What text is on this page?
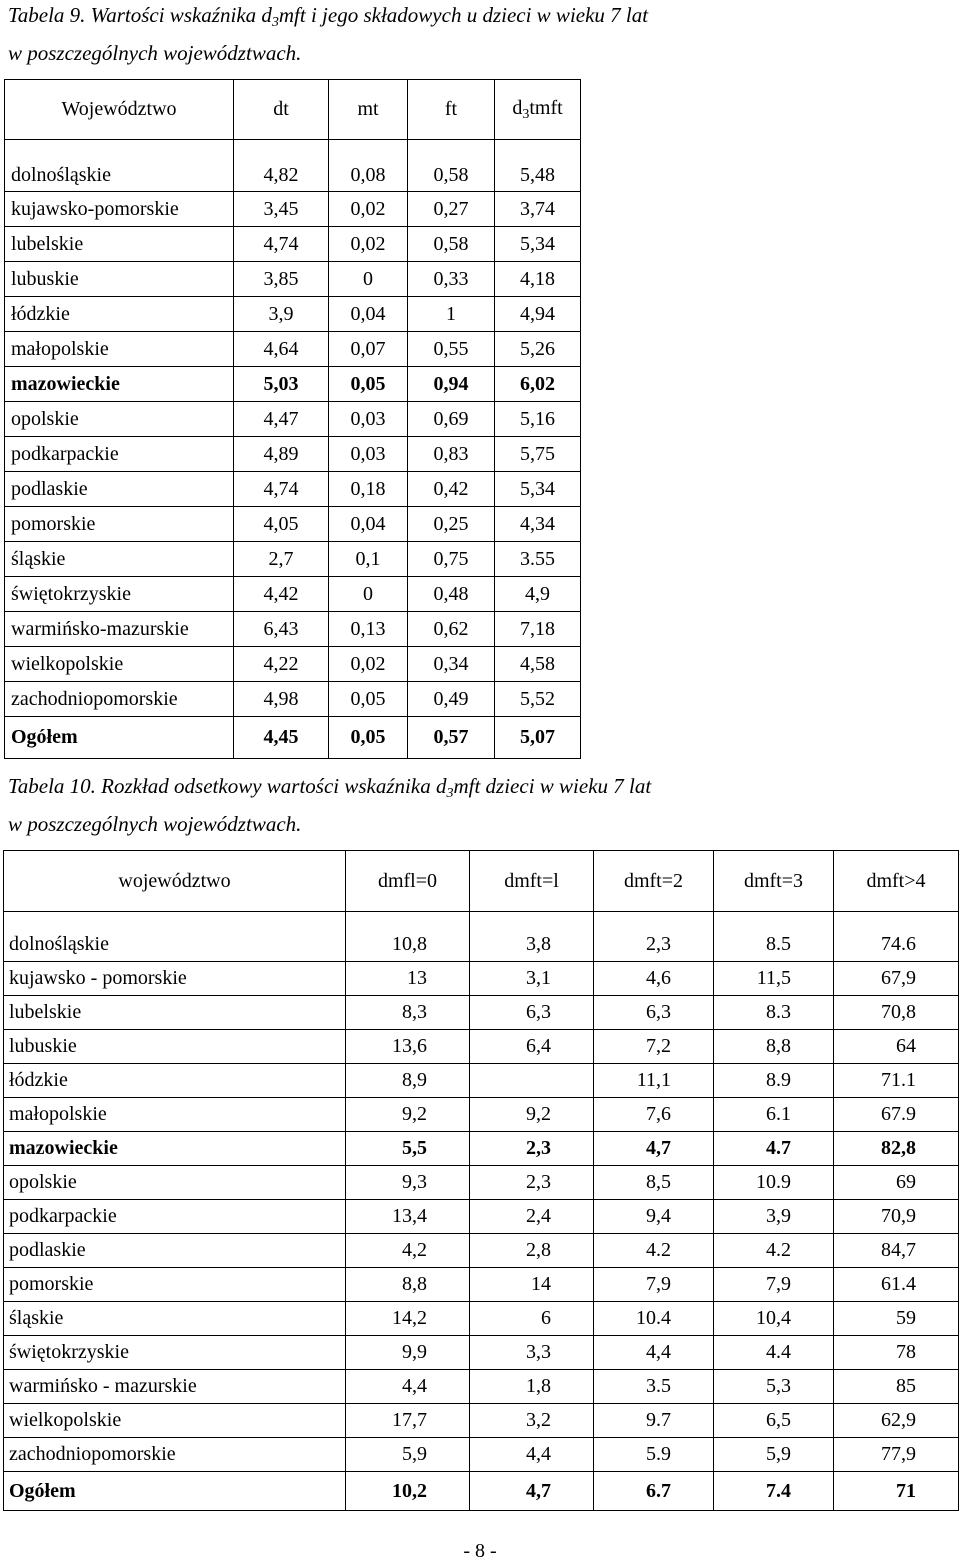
Tabela 9. Wartości wskaźnika $d_3mft$ i jego składowych u dzieci w wieku 7 lat
w poszczególnych województwach.
Województwo	dt	mt	ft	$d_3tmft$
dolnośląskie	4,82	0,08	0,58	5,48
kujawsko-pomorskie	3,45	0,02	0,27	3,74
lubelskie	4,74	0,02	0,58	5,34
lubuskie	3,85	0	0,33	4,18
łódzkie	3,9	0,04	1	4,94
małopolskie	4,64	0,07	0,55	5,26
mazowieckie	5,03	0,05	0,94	6,02
opolskie	4,47	0,03	0,69	5,16
podkarpackie	4,89	0,03	0,83	5,75
podlaskie	4,74	0,18	0,42	5,34
pomorskie	4,05	0,04	0,25	4,34
śląskie	2,7	0,1	0,75	3.55
świętokrzyskie	4,42	0	0,48	4,9
warmińsko-mazurskie	6,43	0,13	0,62	7,18
wielkopolskie	4,22	0,02	0,34	4,58
zachodniopomorskie	4,98	0,05	0,49	5,52
Ogółem	4,45	0,05	0,57	5,07
Tabela 10. Rozkład odsetkowy wartości wskaźnika $d_3mft$ dzieci w wieku 7 lat
w poszczególnych województwach.
województwo	dmfl=0	dmft=l	dmft=2	dmft=3	dmft>4
dolnośląskie	10,8	3,8	2,3	8.5	74.6
kujawsko - pomorskie	13	3,1	4,6	11,5	67,9
lubelskie	8,3	6,3	6,3	8.3	70,8
lubuskie	13,6	6,4	7,2	8,8	64
łódzkie	8,9		11,1	8.9	71.1
małopolskie	9,2	9,2	7,6	6.1	67.9
mazowieckie	5,5	2,3	4,7	4.7	82,8
opolskie	9,3	2,3	8,5	10.9	69
podkarpackie	13,4	2,4	9,4	3,9	70,9
podlaskie	4,2	2,8	4.2	4.2	84,7
pomorskie	8,8	14	7,9	7,9	61.4
śląskie	14,2	6	10.4	10,4	59
świętokrzyskie	9,9	3,3	4,4	4.4	78
warmińsko - mazurskie	4,4	1,8	3.5	5,3	85
wielkopolskie	17,7	3,2	9.7	6,5	62,9
zachodniopomorskie	5,9	4,4	5.9	5,9	77,9
Ogółem	10,2	4,7	6.7	7.4	71
- 8 -
